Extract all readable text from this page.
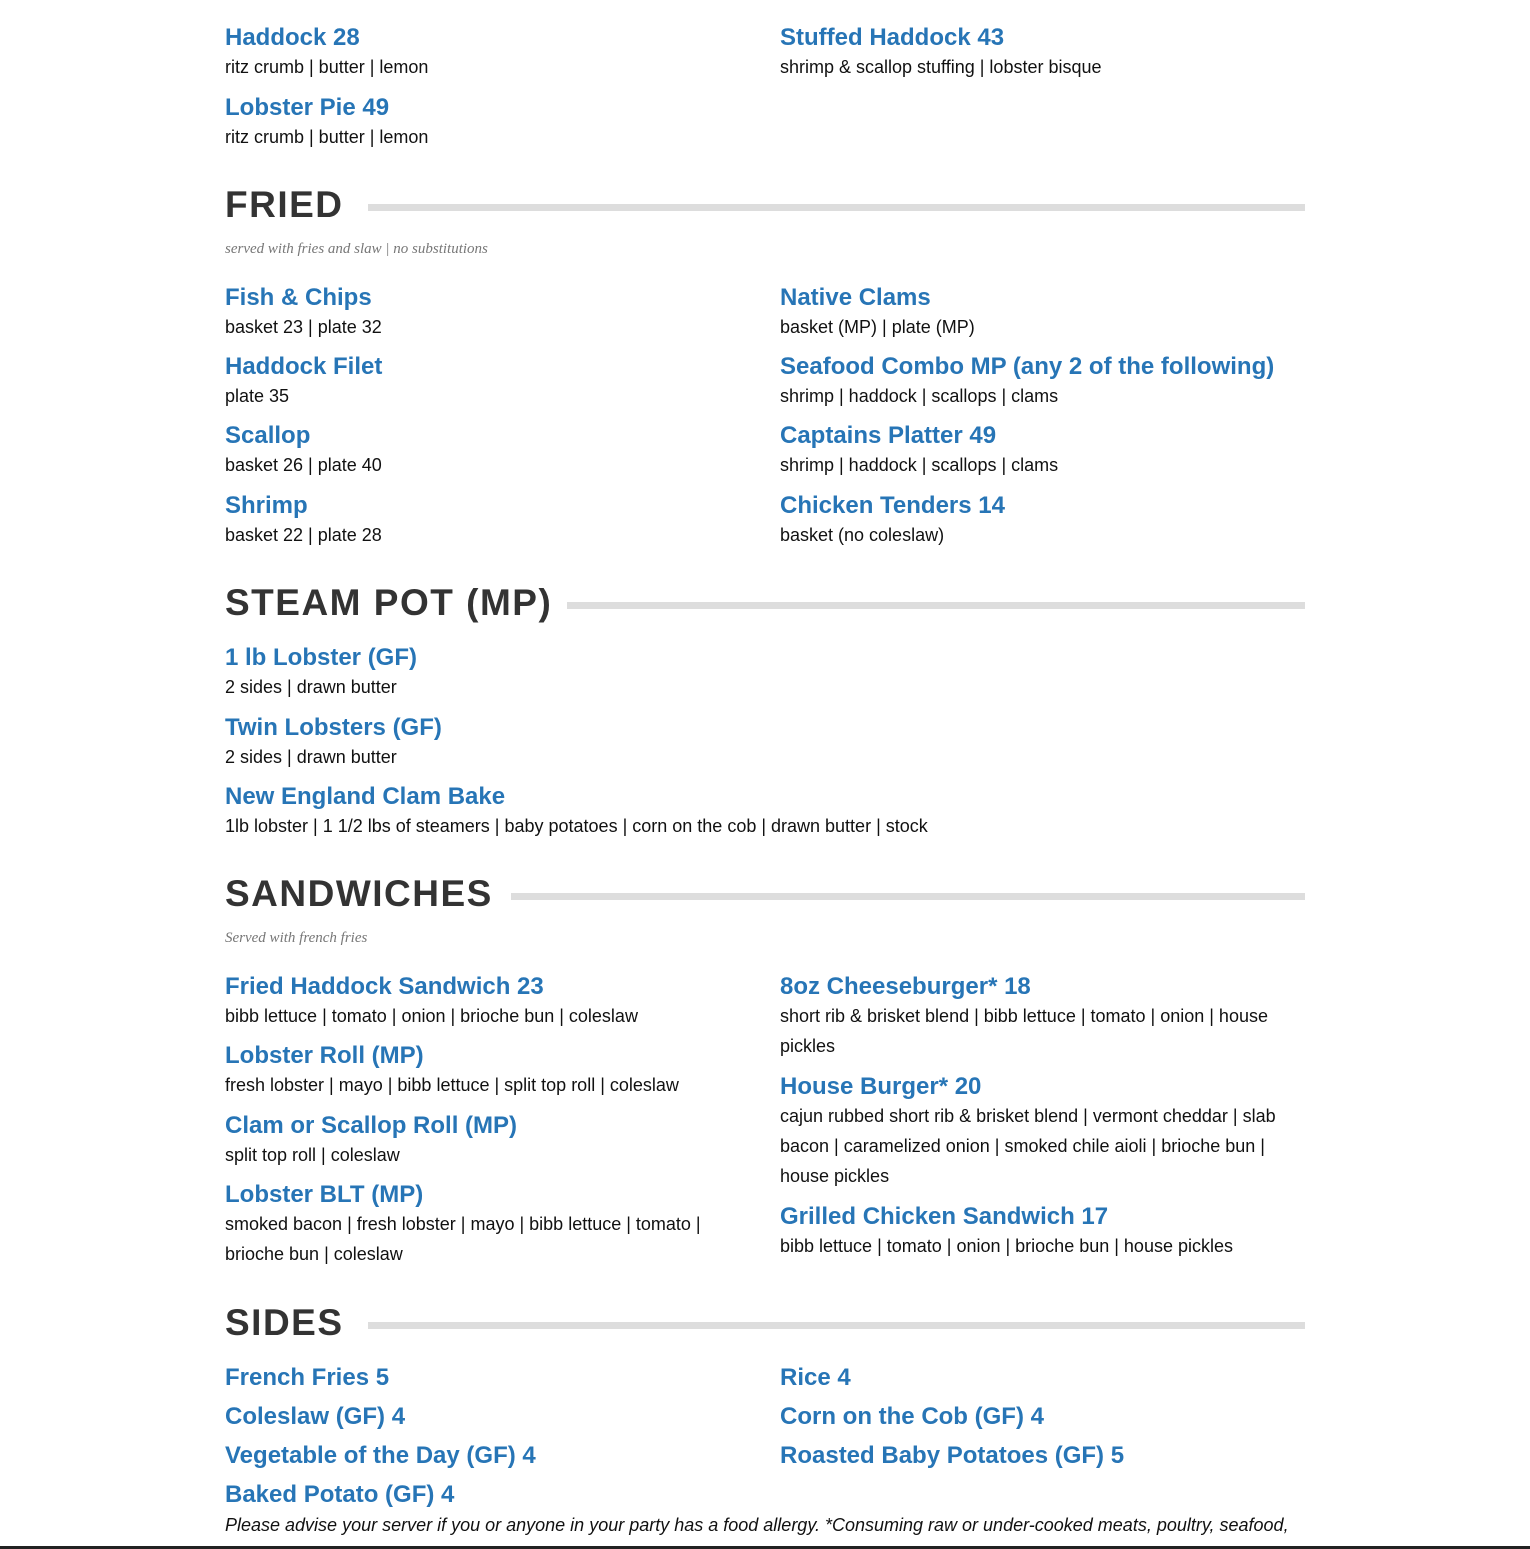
Haddock 28
ritz crumb | butter | lemon
Stuffed Haddock 43
shrimp & scallop stuffing | lobster bisque
Lobster Pie 49
ritz crumb | butter | lemon
FRIED
served with fries and slaw | no substitutions
Fish & Chips
basket 23 | plate 32
Native Clams
basket (MP) | plate (MP)
Haddock Filet
plate 35
Seafood Combo MP (any 2 of the following)
shrimp | haddock | scallops | clams
Scallop
basket 26 | plate 40
Captains Platter 49
shrimp | haddock | scallops | clams
Shrimp
basket 22 | plate 28
Chicken Tenders 14
basket (no coleslaw)
STEAM POT (MP)
1 lb Lobster (GF)
2 sides | drawn butter
Twin Lobsters (GF)
2 sides | drawn butter
New England Clam Bake
1lb lobster | 1 1/2 lbs of steamers | baby potatoes | corn on the cob | drawn butter | stock
SANDWICHES
Served with french fries
Fried Haddock Sandwich 23
bibb lettuce | tomato | onion | brioche bun | coleslaw
8oz Cheeseburger* 18
short rib & brisket blend | bibb lettuce | tomato | onion | house pickles
Lobster Roll (MP)
fresh lobster | mayo | bibb lettuce | split top roll | coleslaw	House Burger* 20
cajun rubbed short rib & brisket blend | vermont cheddar | slab bacon | caramelized onion | smoked chile aioli | brioche bun | house pickles
Clam or Scallop Roll (MP)
split top roll | coleslaw
Lobster BLT (MP)
smoked bacon | fresh lobster | mayo | bibb lettuce | tomato | brioche bun | coleslaw
Grilled Chicken Sandwich 17
bibb lettuce | tomato | onion | brioche bun | house pickles
SIDES
French Fries 5	Rice 4
Coleslaw (GF) 4	Corn on the Cob (GF) 4
Vegetable of the Day (GF) 4	Roasted Baby Potatoes (GF) 5
Baked Potato (GF) 4
Please advise your server if you or anyone in your party has a food allergy. *Consuming raw or under-cooked meats, poultry, seafood,
